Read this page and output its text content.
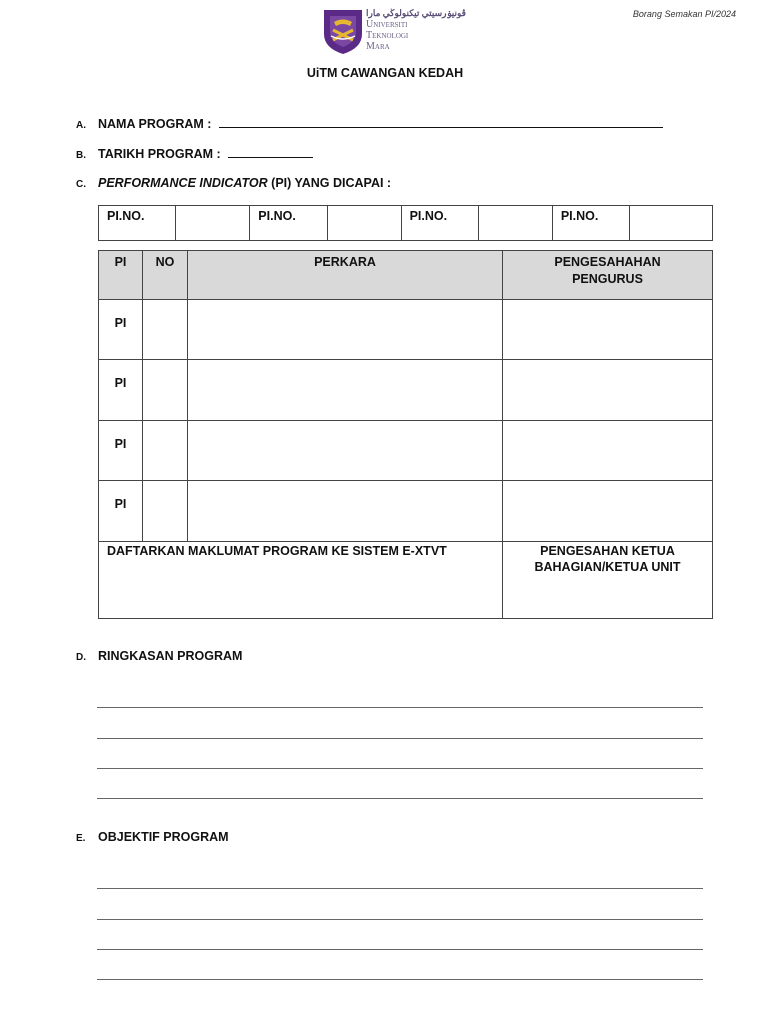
Borang Semakan PI/2024
ڤونيۏرسيتي تيكنولوڬي مارا
Universiti
Teknologi
Mara
UiTM CAWANGAN KEDAH
A. NAMA PROGRAM :
B. TARIKH PROGRAM :
C. PERFORMANCE INDICATOR (PI) YANG DICAPAI :
PI.NO.		PI.NO.		PI.NO.		PI.NO.	
PI	NO	PERKARA	PENGESAHAHAN PENGURUS

PI			
PI			
PI			
PI			
DAFTARKAN MAKLUMAT PROGRAM KE SISTEM E-XTVT			PENGESAHAN KETUA BAHAGIAN/KETUA UNIT
D. RINGKASAN PROGRAM
E. OBJEKTIF PROGRAM
